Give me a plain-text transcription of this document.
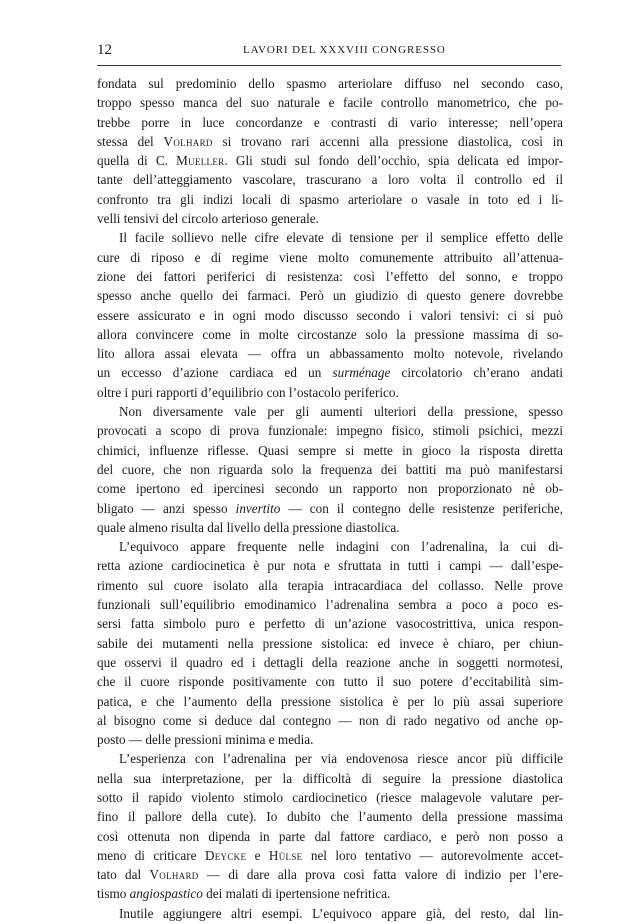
12	LAVORI DEL XXXVIII CONGRESSO
fondata sul predominio dello spasmo arteriolare diffuso nel secondo caso,
troppo spesso manca del suo naturale e facile controllo manometrico, che po-
trebbe porre in luce concordanze e contrasti di vario interesse; nell’opera
stessa del Volhard si trovano rari accenni alla pressione diastolica, così in
quella di C. Mueller. Gli studi sul fondo dell’occhio, spia delicata ed impor-
tante dell’atteggiamento vascolare, trascurano a loro volta il controllo ed il
confronto tra gli indizi locali di spasmo arteriolare o vasale in toto ed i li-
velli tensivi del circolo arterioso generale.
Il facile sollievo nelle cifre elevate di tensione per il semplice effetto delle
cure di riposo e di regime viene molto comunemente attribuito all’attenua-
zione dei fattori periferici di resistenza: così l’effetto del sonno, e troppo
spesso anche quello dei farmaci. Però un giudizio di questo genere dovrebbe
essere assicurato e in ogni modo discusso secondo i valori tensivi: ci si può
allora convincere come in molte circostanze solo la pressione massima di so-
lito allora assai elevata — offra un abbassamento molto notevole, rivelando
un eccesso d’azione cardiaca ed un surménage circolatorio ch’erano andati
oltre i puri rapporti d’equilibrio con l’ostacolo periferico.
Non diversamente vale per gli aumenti ulteriori della pressione, spesso
provocati a scopo di prova funzionale: impegno fisico, stimoli psichici, mezzi
chimici, influenze riflesse. Quasi sempre si mette in gioco la risposta diretta
del cuore, che non riguarda solo la frequenza dei battiti ma può manifestarsi
come ipertono ed ipercinesi secondo un rapporto non proporzionato nè ob-
bligato — anzi spesso invertito — con il contegno delle resistenze periferiche,
quale almeno risulta dal livello della pressione diastolica.
L’equivoco appare frequente nelle indagini con l’adrenalina, la cui di-
retta azione cardiocinetica è pur nota e sfruttata in tutti i campi — dall’espe-
rimento sul cuore isolato alla terapia intracardiaca del collasso. Nelle prove
funzionali sull’equilibrio emodinamico l’adrenalina sembra a poco a poco es-
sersi fatta simbolo puro e perfetto di un’azione vasocostrittiva, unica respon-
sabile dei mutamenti nella pressione sistolica: ed invece è chiaro, per chiun-
que osservi il quadro ed i dettagli della reazione anche in soggetti normotesi,
che il cuore risponde positivamente con tutto il suo potere d’eccitabilità sim-
patica, e che l’aumento della pressione sistolica è per lo più assai superiore
al bisogno come si deduce dal contegno — non di rado negativo od anche op-
posto — delle pressioni minima e media.
L’esperienza con l’adrenalina per via endovenosa riesce ancor più difficile
nella sua interpretazione, per la difficoltà di seguire la pressione diastolica
sotto il rapido violento stimolo cardiocinetico (riesce malagevole valutare per-
fino il pallore della cute). Io dubito che l’aumento della pressione massima
così ottenuta non dipenda in parte dal fattore cardiaco, e però non posso a
meno di criticare Deycke e Hülse nel loro tentativo — autorevolmente accet-
tato dal Volhard — di dare alla prova così fatta valore di indizio per l’ere-
tismo angiospastico dei malati di ipertensione nefritica.
Inutile aggiungere altri esempi. L’equivoco appare già, del resto, dal lin-
